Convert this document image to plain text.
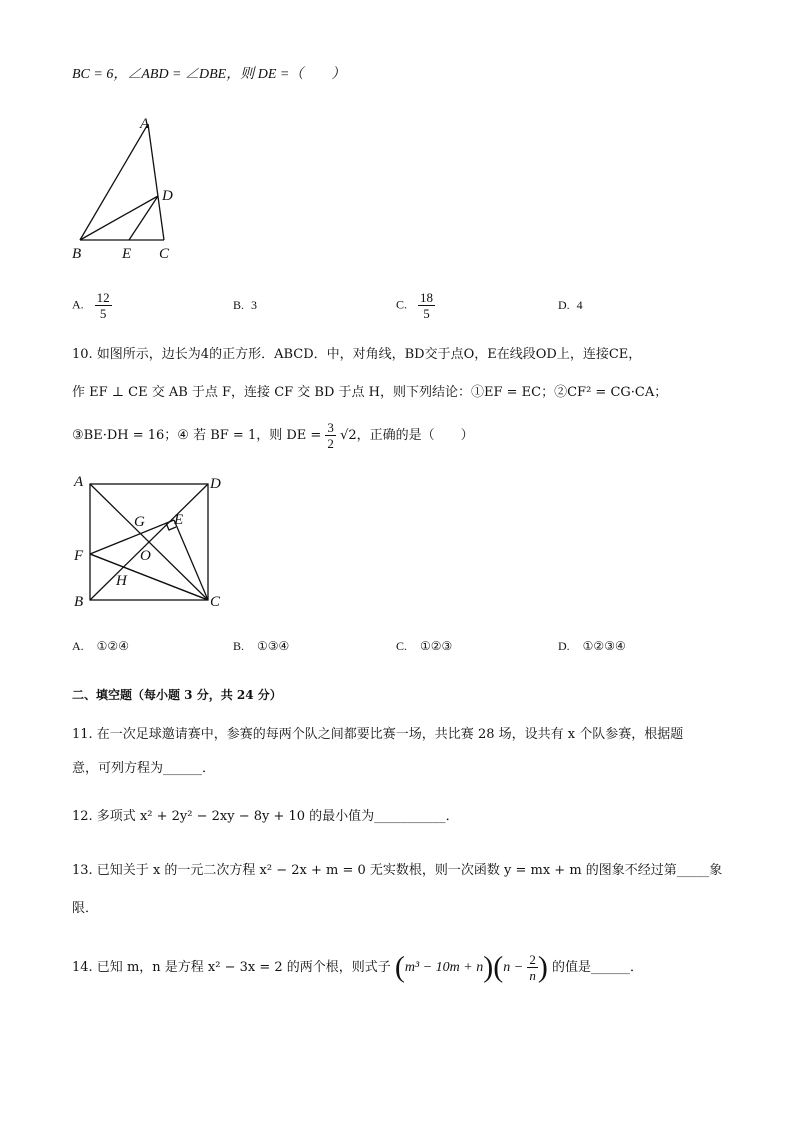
BC = 6，∠ABD = ∠DBE，则 DE =（　　）
A
D
B	E C
A. $\frac{12}{5}$	B. 3	C. $\frac{18}{5}$	D. 4
10. 如图所示，边长为4的正方形．ABCD．中，对角线，BD交于点O，E在线段OD上，连接CE，
作 EF ⊥ CE 交 AB 于点 F，连接 CF 交 BD 于点 H，则下列结论：①EF = EC；②CF² = CG·CA；
③BE·DH = 16；④ 若 BF = 1，则 DE = $\frac{3}{2} √2$，正确的是（　　）
A	D
G E
F	O
H
B	C
A. ①②④	B. ①③④	C. ①②③	D. ①②③④
二、填空题（每小题 3 分，共 24 分）
11. 在一次足球邀请赛中，参赛的每两个队之间都要比赛一场，共比赛 28 场，设共有 x 个队参赛，根据题
意，可列方程为______．
12. 多项式 x² + 2y² − 2xy − 8y + 10 的最小值为___________．
13. 已知关于 x 的一元二次方程 x² − 2x + m = 0 无实数根，则一次函数 y = mx + m 的图象不经过第_____象
限．
14. 已知 m，n 是方程 x² − 3x = 2 的两个根，则式子 $(m^3 - 10m + n)(n - \frac{2}{n}$ ) 的值是______．
